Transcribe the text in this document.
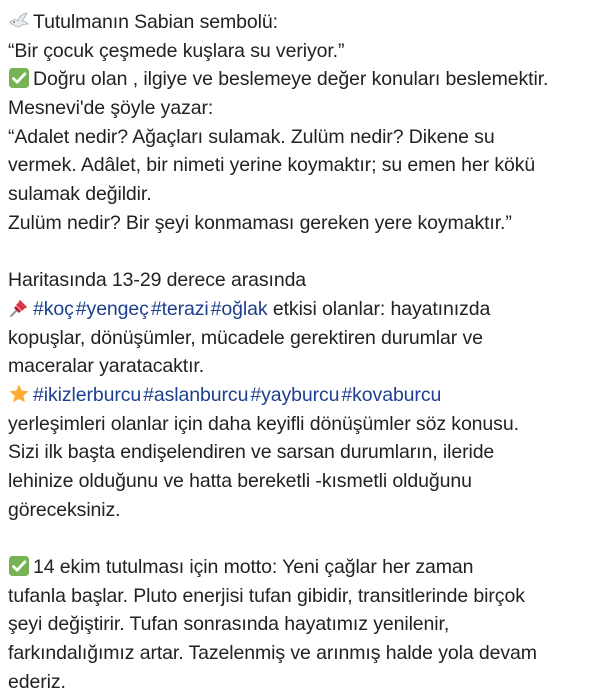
Tutulmanın Sabian sembolü:
“Bir çocuk çeşmede kuşlara su veriyor.”
Doğru olan , ilgiye ve beslemeye değer konuları beslemektir.
Mesnevi'de şöyle yazar:
“Adalet nedir? Ağaçları sulamak. Zulüm nedir? Dikene su
vermek. Adâlet, bir nimeti yerine koymaktır; su emen her kökü
sulamak değildir.
Zulüm nedir? Bir şeyi konmaması gereken yere koymaktır.”
Haritasında 13-29 derece arasında
#koç #yengeç #terazi #oğlak etkisi olanlar: hayatınızda
kopuşlar, dönüşümler, mücadele gerektiren durumlar ve
maceralar yaratacaktır.
#ikizlerburcu #aslanburcu #yayburcu #kovaburcu
yerleşimleri olanlar için daha keyifli dönüşümler söz konusu.
Sizi ilk başta endişelendiren ve sarsan durumların, ileride
lehinize olduğunu ve hatta bereketli -kısmetli olduğunu
göreceksiniz.
14 ekim tutulması için motto: Yeni çağlar her zaman
tufanla başlar. Pluto enerjisi tufan gibidir, transitlerinde birçok
şeyi değiştirir. Tufan sonrasında hayatımız yenilenir,
farkındalığımız artar. Tazelenmiş ve arınmış halde yola devam
ederiz.
